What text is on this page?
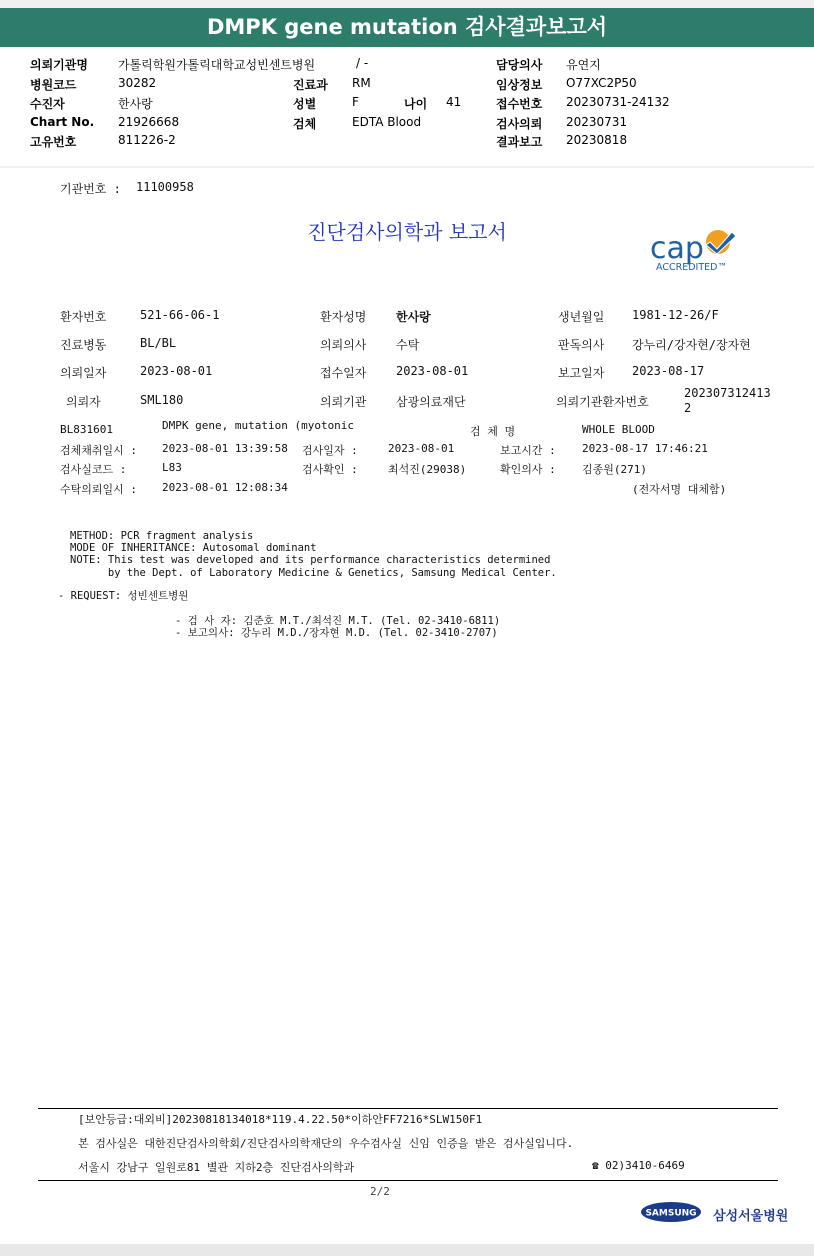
DMPK gene mutation 검사결과보고서
의뢰기관명	가톨릭학원가톨릭대학교성빈센트병원	/ -	담당의사 유연지
병원코드	30282	진료과 RM	임상정보 O77XC2P50
수진자	한사랑	성별	F	나이 41	접수번호 20230731-24132
Chart No. 21926668	검체	EDTA Blood	검사의뢰 20230731
고유번호	811226-2	결과보고 20230818
기관번호 : 11100958
진단검사의학과 보고서	cap
ACCREDITED™
환자번호	521-66-06-1	환자성명 한사랑	생년월일 1981-12-26/F
진료병동	BL/BL	의뢰의사 수탁	판독의사 강누리/강자현/장자현
의뢰일자	2023-08-01	접수일자 2023-08-01	보고일자 2023-08-17
의뢰자	SML180	의뢰기관 삼광의료재단	의뢰기관환자번호
202307312413
2
BL831601	DMPK gene, mutation (myotonic	검 체 명	WHOLE BLOOD
검체채취일시 : 2023-08-01 13:39:58 검사일자 :	2023-08-01	보고시간 : 2023-08-17 17:46:21
검사실코드 :	L83	검사확인 :	최석진(29038)	확인의사 : 김종원(271)
수탁의뢰일시 : 2023-08-01 12:08:34	(전자서명 대체함)
METHOD: PCR fragment analysis
MODE OF INHERITANCE: Autosomal dominant
NOTE: This test was developed and its performance characteristics determined
by the Dept. of Laboratory Medicine & Genetics, Samsung Medical Center.
- REQUEST: 성빈센트병원
- 검 사 자: 김준호 M.T./최석진 M.T. (Tel. 02-3410-6811)
- 보고의사: 강누리 M.D./장자현 M.D. (Tel. 02-3410-2707)
[보안등급:대외비]20230818134018*119.4.22.50*이하안FF7216*SLW150F1
본 검사실은 대한진단검사의학회/진단검사의학재단의 우수검사실 신임 인증을 받은 검사실입니다.
서울시 강남구 일원로81 별관 지하2층 진단검사의학과	☎ 02)3410-6469
2/2
SAMSUNG 삼성서울병원
